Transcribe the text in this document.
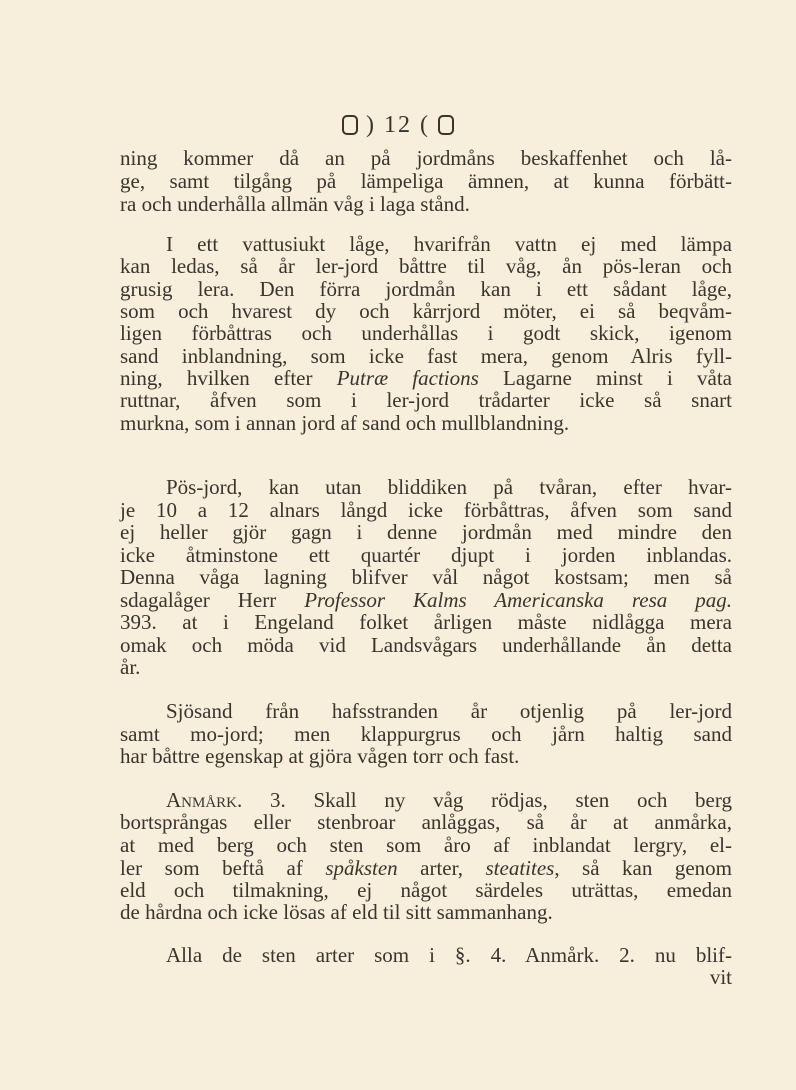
) 12 (
ning kommer då an på jordmåns beskaffenhet och lå-
ge, samt tilgång på lämpeliga ämnen, at kunna förbätt-
ra och underhålla allmän våg i laga stånd.
I ett vattusiukt låge, hvarifrån vattn ej med lämpa
kan ledas, så år ler-jord båttre til våg, ån pös-leran och
grusig lera. Den förra jordmån kan i ett sådant låge,
som och hvarest dy och kårrjord möter, ei så beqvåm-
ligen förbåttras och underhållas i godt skick, igenom
sand inblandning, som icke fast mera, genom Alris fyll-
ning, hvilken efter Putræ factions Lagarne minst i våta
ruttnar, åfven som i ler-jord trådarter icke så snart
murkna, som i annan jord af sand och mullblandning.
Pös-jord, kan utan bliddiken på tvåran, efter hvar-
je 10 a 12 alnars långd icke förbåttras, åfven som sand
ej heller gjör gagn i denne jordmån med mindre den
icke åtminstone ett quartér djupt i jorden inblandas.
Denna våga lagning blifver vål något kostsam; men så
sdagalåger Herr Professor Kalms Americanska resa pag.
393. at i Engeland folket årligen måste nidlågga mera
omak och möda vid Landsvågars underhållande ån detta
år.
Sjösand från hafsstranden år otjenlig på ler-jord
samt mo-jord; men klappurgrus och jårn haltig sand
har båttre egenskap at gjöra vågen torr och fast.
Anmårk. 3. Skall ny våg rödjas, sten och berg
bortsprångas eller stenbroar anlåggas, så år at anmårka,
at med berg och sten som åro af inblandat lergry, el-
ler som beftå af spåksten arter, steatites, så kan genom
eld och tilmakning, ej något särdeles uträttas, emedan
de hårdna och icke lösas af eld til sitt sammanhang.
Alla de sten arter som i §. 4. Anmårk. 2. nu blif-
vit
